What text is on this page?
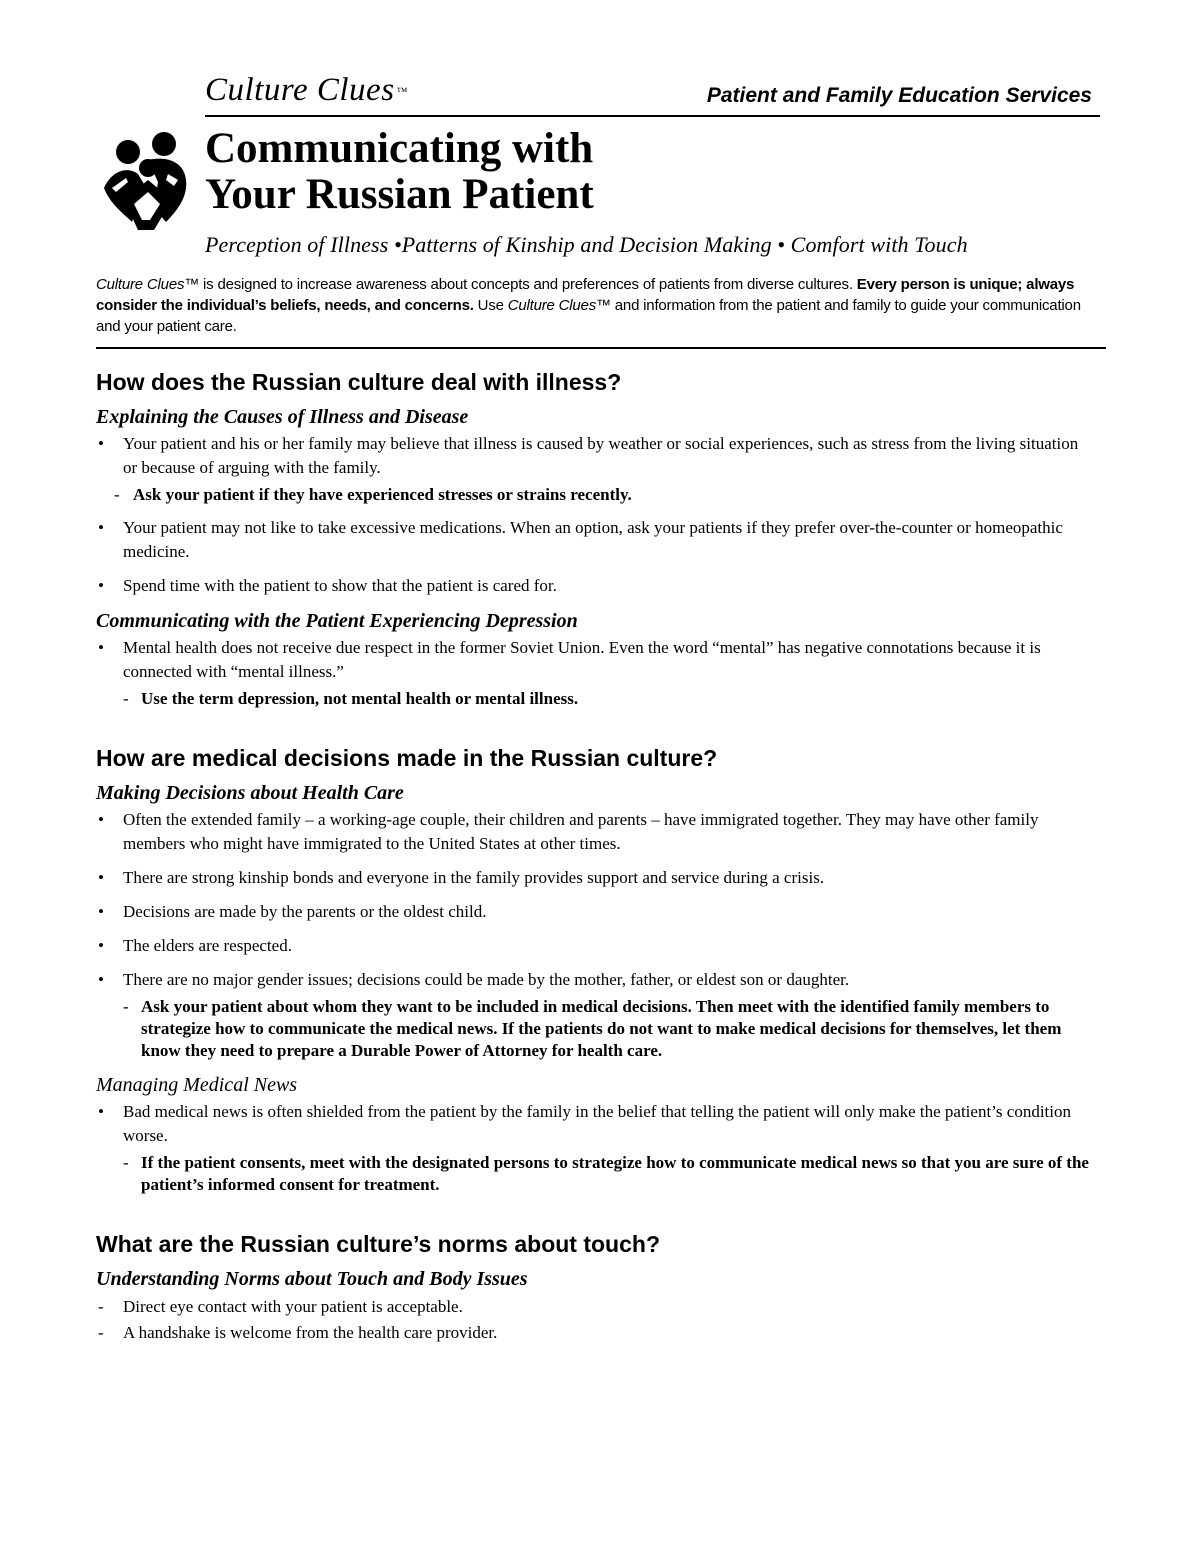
Culture Clues ™	Patient and Family Education Services
Communicating with
Your Russian Patient
Perception of Illness •Patterns of Kinship and Decision Making • Comfort with Touch
Culture Clues™ is designed to increase awareness about concepts and preferences of patients from diverse cultures. Every person is unique; always consider the individual’s beliefs, needs, and concerns. Use Culture Clues™ and information from the patient and family to guide your communication and your patient care.
How does the Russian culture deal with illness?
Explaining the Causes of Illness and Disease
• Your patient and his or her family may believe that illness is caused by weather or social experiences, such as stress from the living situation or because of arguing with the family.
- Ask your patient if they have experienced stresses or strains recently.
• Your patient may not like to take excessive medications. When an option, ask your patients if they prefer over-the-counter or homeopathic medicine.
• Spend time with the patient to show that the patient is cared for.
Communicating with the Patient Experiencing Depression
• Mental health does not receive due respect in the former Soviet Union. Even the word “mental” has negative connotations because it is connected with “mental illness.”
- Use the term depression, not mental health or mental illness.
How are medical decisions made in the Russian culture?
Making Decisions about Health Care
• Often the extended family – a working-age couple, their children and parents – have immigrated together. They may have other family members who might have immigrated to the United States at other times.
• There are strong kinship bonds and everyone in the family provides support and service during a crisis.
• Decisions are made by the parents or the oldest child.
• The elders are respected.
• There are no major gender issues; decisions could be made by the mother, father, or eldest son or daughter.
- Ask your patient about whom they want to be included in medical decisions. Then meet with the identified family members to strategize how to communicate the medical news. If the patients do not want to make medical decisions for themselves, let them know they need to prepare a Durable Power of Attorney for health care.
Managing Medical News
• Bad medical news is often shielded from the patient by the family in the belief that telling the patient will only make the patient’s condition worse.
- If the patient consents, meet with the designated persons to strategize how to communicate medical news so that you are sure of the patient’s informed consent for treatment.
What are the Russian culture’s norms about touch?
Understanding Norms about Touch and Body Issues
- Direct eye contact with your patient is acceptable.
- A handshake is welcome from the health care provider.
